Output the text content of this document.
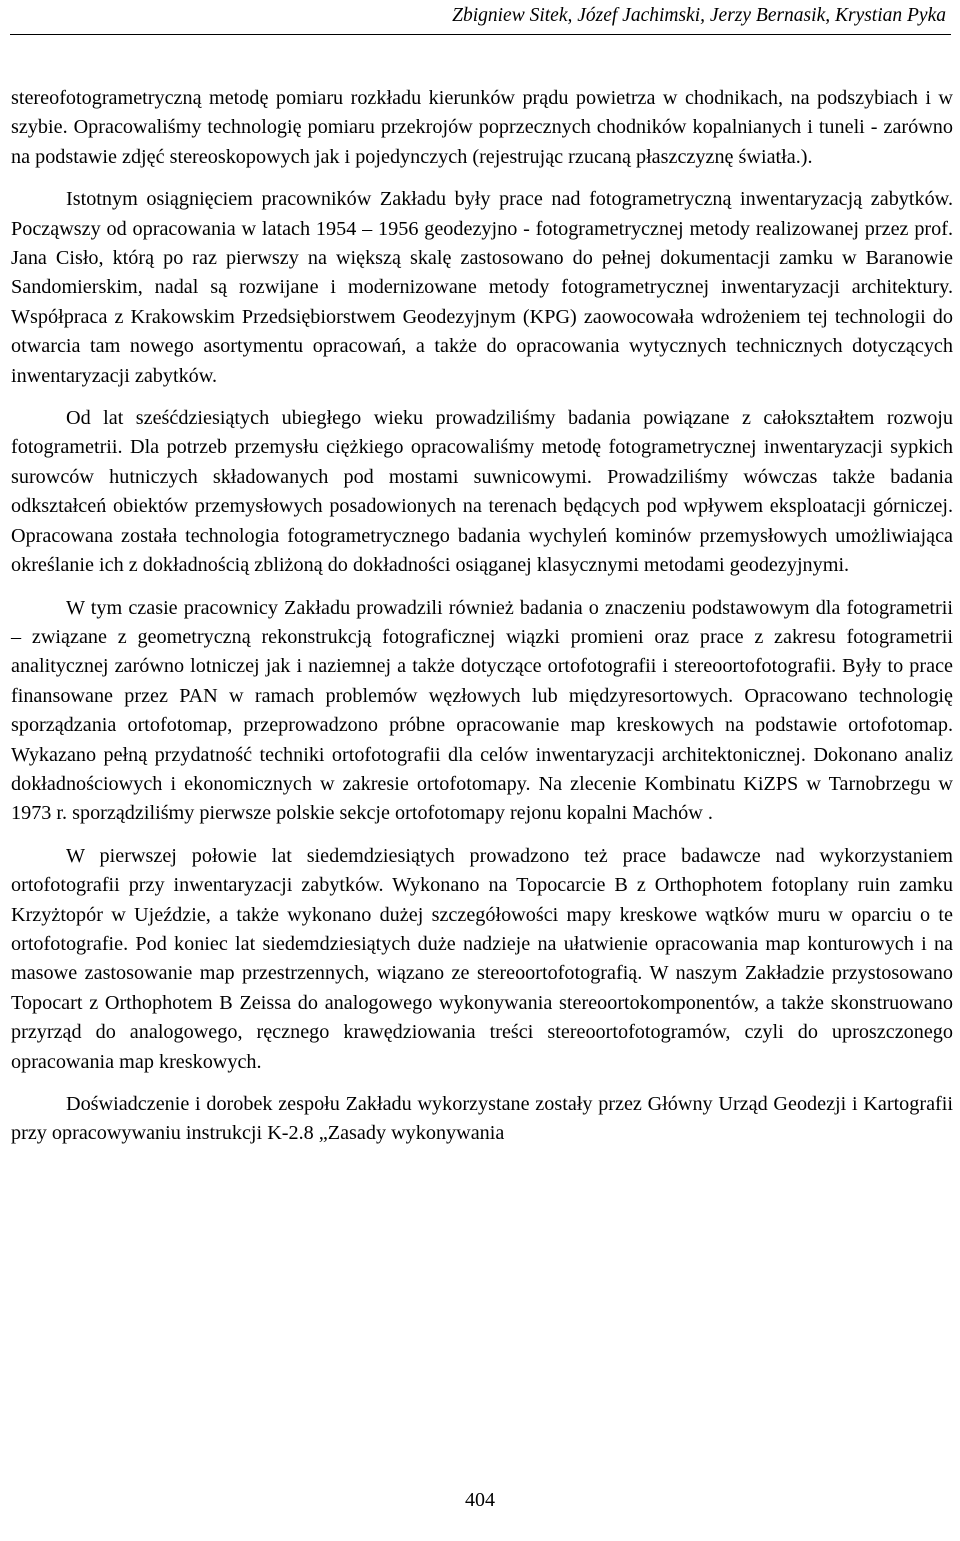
Zbigniew Sitek, Józef Jachimski, Jerzy Bernasik, Krystian Pyka

stereofotogrametryczną metodę pomiaru rozkładu kierunków prądu powietrza w chodnikach, na podszybiach i w szybie. Opracowaliśmy technologię pomiaru przekrojów poprzecznych chodników kopalnianych i tuneli - zarówno na podstawie zdjęć stereoskopowych jak i pojedynczych (rejestrując rzucaną płaszczyznę światła.).

Istotnym osiągnięciem pracowników Zakładu były prace nad fotogrametryczną inwentaryzacją zabytków. Począwszy od opracowania w latach 1954 – 1956 geodezyjno - fotogrametrycznej metody realizowanej przez prof. Jana Cisło, którą po raz pierwszy na większą skalę zastosowano do pełnej dokumentacji zamku w Baranowie Sandomierskim, nadal są rozwijane i modernizowane metody fotogrametrycznej inwentaryzacji architektury. Współpraca z Krakowskim Przedsiębiorstwem Geodezyjnym (KPG) zaowocowała wdrożeniem tej technologii do otwarcia tam nowego asortymentu opracowań, a także do opracowania wytycznych technicznych dotyczących inwentaryzacji zabytków.

Od lat sześćdziesiątych ubiegłego wieku prowadziliśmy badania powiązane z całokształtem rozwoju fotogrametrii. Dla potrzeb przemysłu ciężkiego opracowaliśmy metodę fotogrametrycznej inwentaryzacji sypkich surowców hutniczych składowanych pod mostami suwnicowymi. Prowadziliśmy wówczas także badania odkształceń obiektów przemysłowych posadowionych na terenach będących pod wpływem eksploatacji górniczej. Opracowana została technologia fotogrametrycznego badania wychyleń kominów przemysłowych umożliwiająca określanie ich z dokładnością zbliżoną do dokładności osiąganej klasycznymi metodami geodezyjnymi.

W tym czasie pracownicy Zakładu prowadzili również badania o znaczeniu podstawowym dla fotogrametrii – związane z geometryczną rekonstrukcją fotograficznej wiązki promieni oraz prace z zakresu fotogrametrii analitycznej zarówno lotniczej jak i naziemnej a także dotyczące ortofotografii i stereoortofotografii. Były to prace finansowane przez PAN w ramach problemów węzłowych lub międzyresortowych. Opracowano technologię sporządzania ortofotomap, przeprowadzono próbne opracowanie map kreskowych na podstawie ortofotomap. Wykazano pełną przydatność techniki ortofotografii dla celów inwentaryzacji architektonicznej. Dokonano analiz dokładnościowych i ekonomicznych w zakresie ortofotomapy. Na zlecenie Kombinatu KiZPS w Tarnobrzegu w 1973 r. sporządziliśmy pierwsze polskie sekcje ortofotomapy rejonu kopalni Machów .

W pierwszej połowie lat siedemdziesiątych prowadzono też prace badawcze nad wykorzystaniem ortofotografii przy inwentaryzacji zabytków. Wykonano na Topocarcie B z Orthophotem fotoplany ruin zamku Krzyżtopór w Ujeździe, a także wykonano dużej szczegółowości mapy kreskowe wątków muru w oparciu o te ortofotografie. Pod koniec lat siedemdziesiątych duże nadzieje na ułatwienie opracowania map konturowych i na masowe zastosowanie map przestrzennych, wiązano ze stereoortofotografią. W naszym Zakładzie przystosowano Topocart z Orthophotem B Zeissa do analogowego wykonywania stereoortokomponentów, a także skonstruowano przyrząd do analogowego, ręcznego krawędziowania treści stereoortofotogramów, czyli do uproszczonego opracowania map kreskowych.

Doświadczenie i dorobek zespołu Zakładu wykorzystane zostały przez Główny Urząd Geodezji i Kartografii przy opracowywaniu instrukcji K-2.8 „Zasady wykonywania

404
